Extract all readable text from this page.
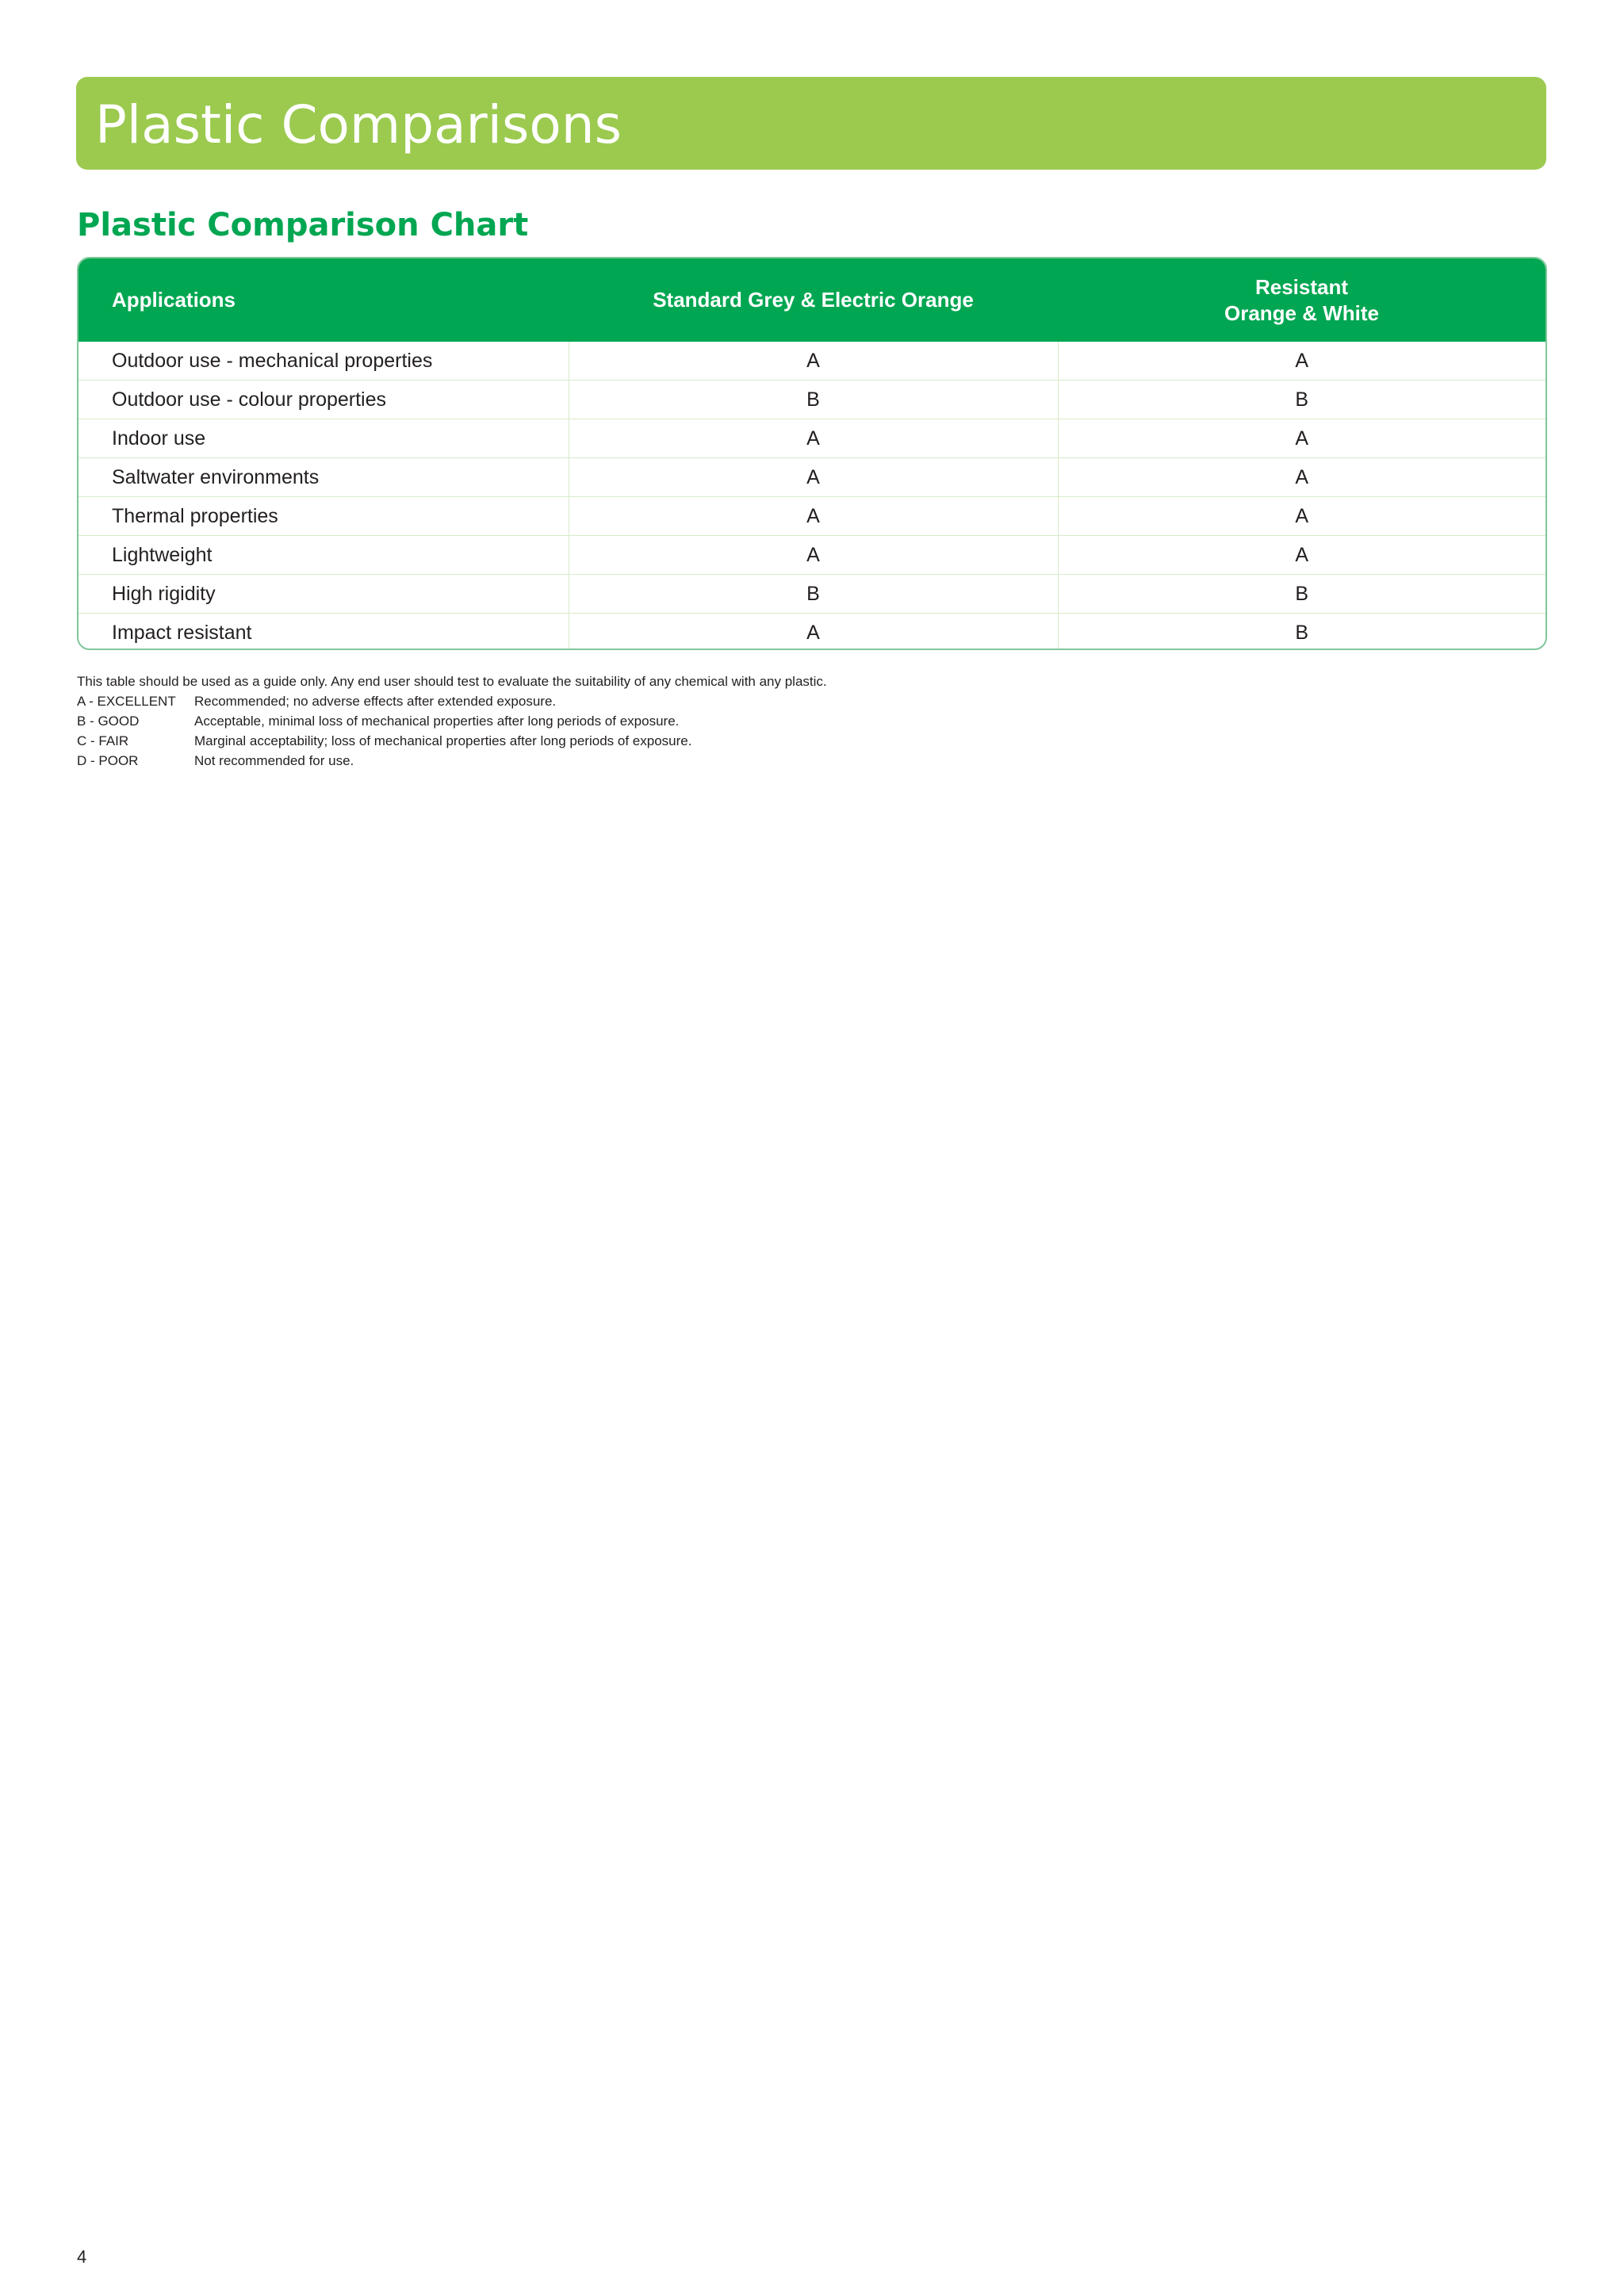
Plastic Comparisons
Plastic Comparison Chart
Applications	Standard Grey & Electric Orange	Resistant
Orange & White

Outdoor use - mechanical properties	A	A
Outdoor use - colour properties	B	B
Indoor use	A	A
Saltwater environments	A	A
Thermal properties	A	A
Lightweight	A	A
High rigidity	B	B
Impact resistant	A	B
This table should be used as a guide only. Any end user should test to evaluate the suitability of any chemical with any plastic.
A - EXCELLENT	Recommended; no adverse effects after extended exposure.
B - GOOD	Acceptable, minimal loss of mechanical properties after long periods of exposure.
C - FAIR	Marginal acceptability; loss of mechanical properties after long periods of exposure.
D - POOR	Not recommended for use.
4
